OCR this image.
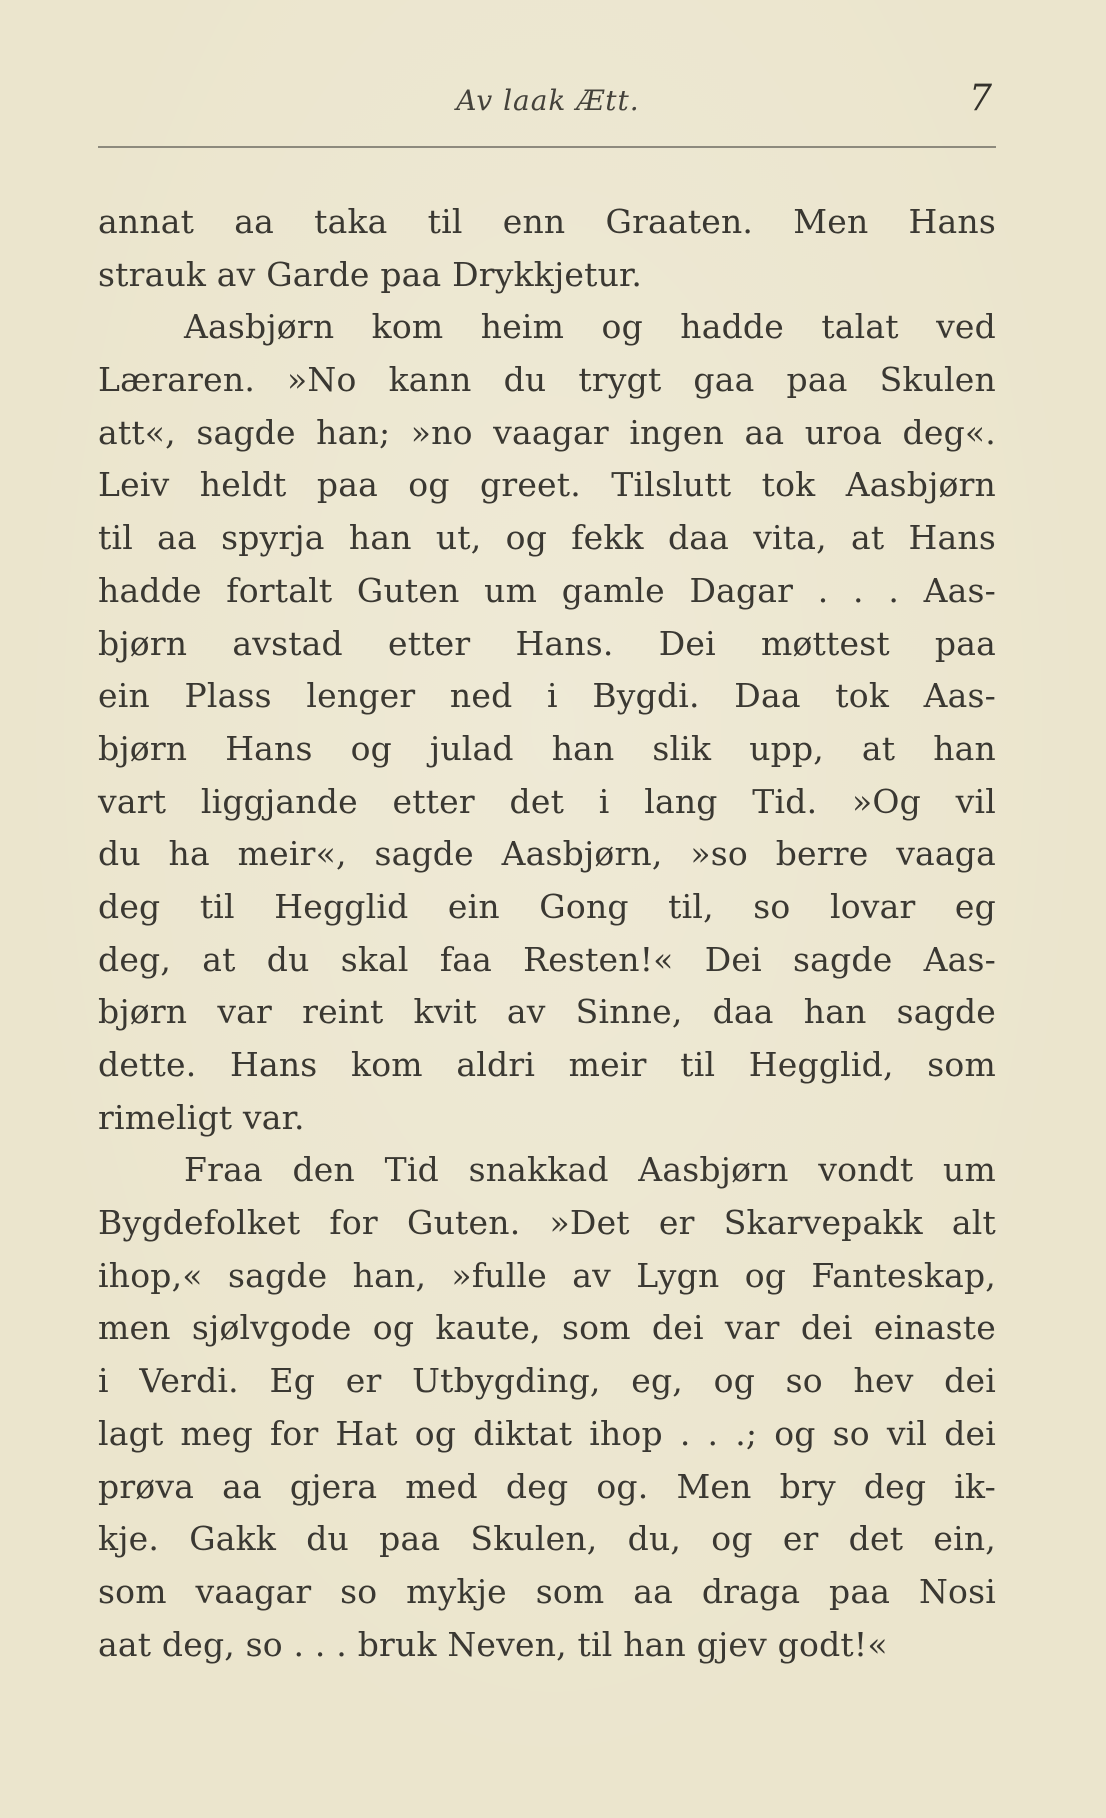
Av laak Ætt.	7
annat aa taka til enn Graaten. Men Hans
strauk av Garde paa Drykkjetur.
Aasbjørn kom heim og hadde talat ved
Læraren. »No kann du trygt gaa paa Skulen
att«, sagde han; »no vaagar ingen aa uroa deg«.
Leiv heldt paa og greet. Tilslutt tok Aasbjørn
til aa spyrja han ut, og fekk daa vita, at Hans
hadde fortalt Guten um gamle Dagar . . . Aas-
bjørn avstad etter Hans. Dei møttest paa
ein Plass lenger ned i Bygdi. Daa tok Aas-
bjørn Hans og julad han slik upp, at han
vart liggjande etter det i lang Tid. »Og vil
du ha meir«, sagde Aasbjørn, »so berre vaaga
deg til Hegglid ein Gong til, so lovar eg
deg, at du skal faa Resten!« Dei sagde Aas-
bjørn var reint kvit av Sinne, daa han sagde
dette. Hans kom aldri meir til Hegglid, som
rimeligt var.
Fraa den Tid snakkad Aasbjørn vondt um
Bygdefolket for Guten. »Det er Skarvepakk alt
ihop,« sagde han, »fulle av Lygn og Fanteskap,
men sjølvgode og kaute, som dei var dei einaste
i Verdi. Eg er Utbygding, eg, og so hev dei
lagt meg for Hat og diktat ihop . . .; og so vil dei
prøva aa gjera med deg og. Men bry deg ik-
kje. Gakk du paa Skulen, du, og er det ein,
som vaagar so mykje som aa draga paa Nosi
aat deg, so . . . bruk Neven, til han gjev godt!«
